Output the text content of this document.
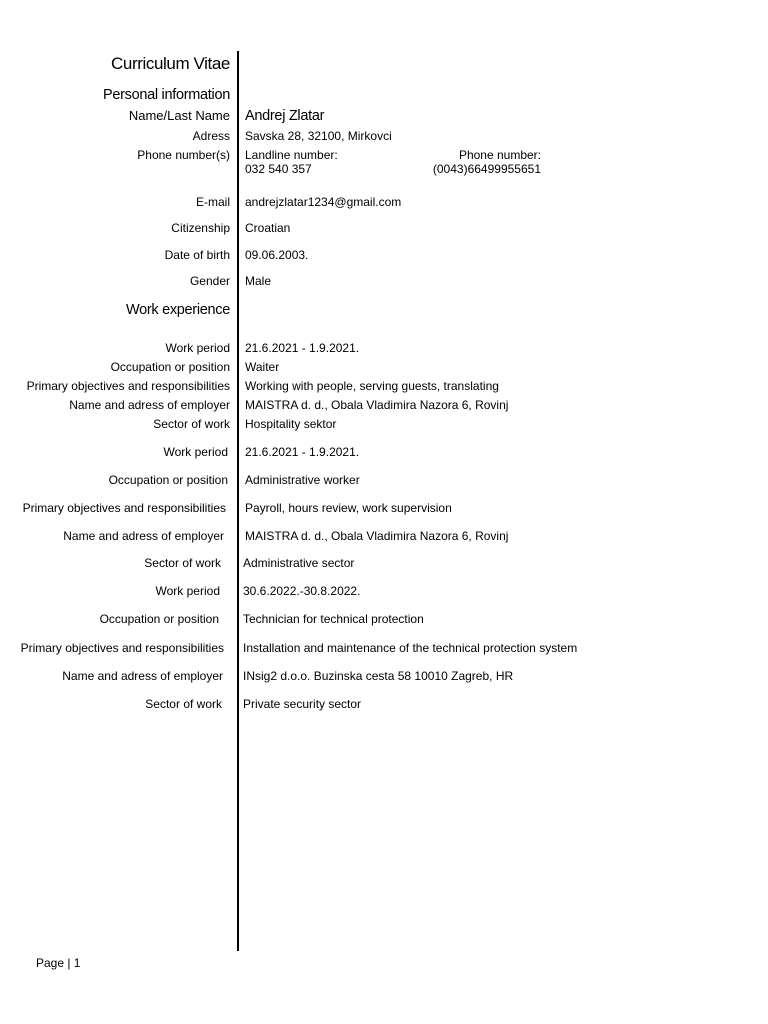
Curriculum Vitae
Personal information
Name/Last Name Andrej Zlatar
Adress Savska 28, 32100, Mirkovci
Phone number(s) Landline number:
032 540 357
Phone number:
(0043)66499955651
E-mail andrejzlatar1234@gmail.com
Citizenship Croatian
Date of birth 09.06.2003.
Gender Male
Work experience
Work period 21.6.2021 - 1.9.2021.
Occupation or position Waiter
Primary objectives and responsibilities Working with people, serving guests, translating
Name and adress of employer MAISTRA d. d., Obala Vladimira Nazora 6, Rovinj
Sector of work Hospitality sektor
Work period 21.6.2021 - 1.9.2021.
Occupation or position Administrative worker
Primary objectives and responsibilities Payroll, hours review, work supervision
Name and adress of employer MAISTRA d. d., Obala Vladimira Nazora 6, Rovinj
Sector of work Administrative sector
Work period 30.6.2022.-30.8.2022.
Occupation or position Technician for technical protection
Primary objectives and responsibilities Installation and maintenance of the technical protection system
Name and adress of employer INsig2 d.o.o. Buzinska cesta 58 10010 Zagreb, HR
Sector of work Private security sector
Page | 1
